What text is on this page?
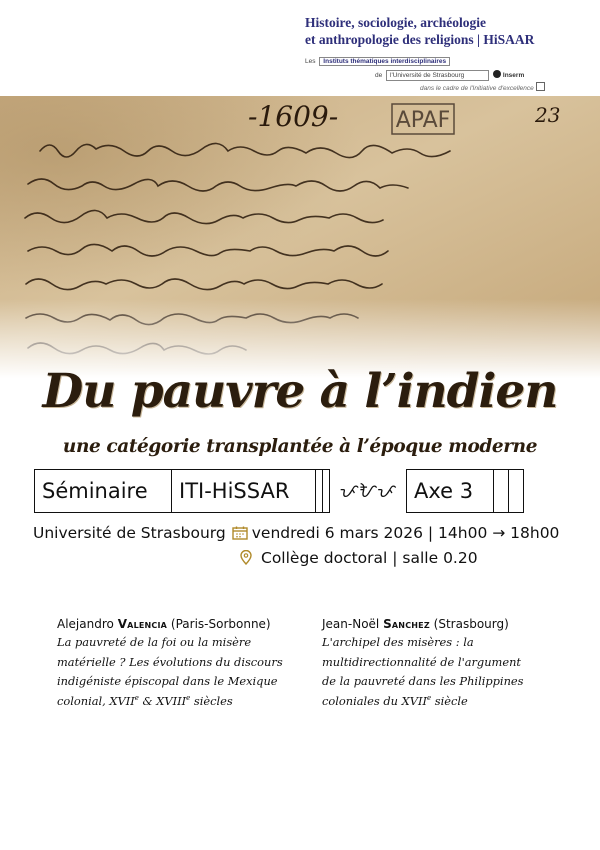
Histoire, sociologie, archéologie
et anthropologie des religions | HiSAAR
Les Instituts thématiques interdisciplinaires
de l'Université de Strasbourg	Inserm
dans le cadre de l'Initiative d'excellence
Du pauvre à l’indien
une catégorie transplantée à l’époque moderne
Séminaire	ITI-HiSSAR	ᜉᜀᜉ Axe 3
Université de Strasbourg vendredi 6 mars 2026 | 14h00 → 18h00
Collège doctoral | salle 0.20
Alejandro Valencia (Paris-Sorbonne)
La pauvreté de la foi ou la misère
matérielle ? Les évolutions du discours
indigéniste épiscopal dans le Mexique
colonial, XVIIe & XVIIIe siècles
Jean-Noël Sanchez (Strasbourg)
L'archipel des misères : la
multidirectionnalité de l'argument
de la pauvreté dans les Philippines
coloniales du XVIIe siècle
